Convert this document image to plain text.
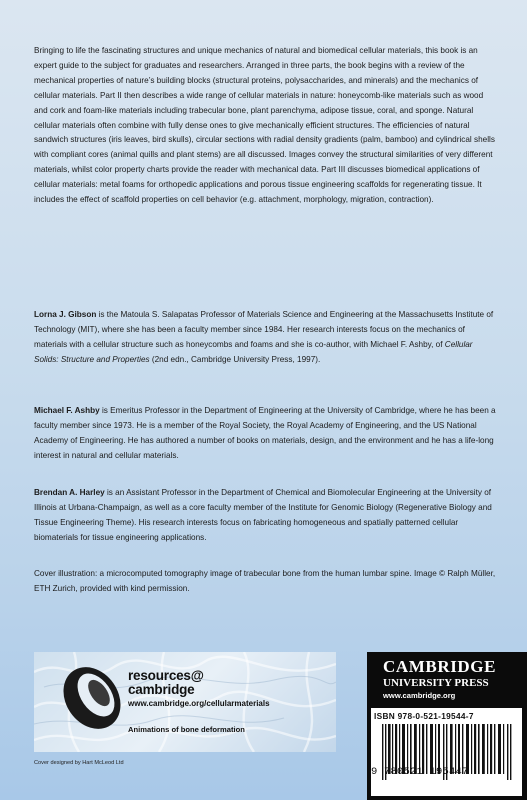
Bringing to life the fascinating structures and unique mechanics of natural and biomedical cellular materials, this book is an expert guide to the subject for graduates and researchers. Arranged in three parts, the book begins with a review of the mechanical properties of nature’s building blocks (structural proteins, polysaccharides, and minerals) and the mechanics of cellular materials. Part II then describes a wide range of cellular materials in nature: honeycomb-like materials such as wood and cork and foam-like materials including trabecular bone, plant parenchyma, adipose tissue, coral, and sponge. Natural cellular materials often combine with fully dense ones to give mechanically efficient structures. The efficiencies of natural sandwich structures (iris leaves, bird skulls), circular sections with radial density gradients (palm, bamboo) and cylindrical shells with compliant cores (animal quills and plant stems) are all discussed. Images convey the structural similarities of very different materials, whilst color property charts provide the reader with mechanical data. Part III discusses biomedical applications of cellular materials: metal foams for orthopedic applications and porous tissue engineering scaffolds for regenerating tissue. It includes the effect of scaffold properties on cell behavior (e.g. attachment, morphology, migration, contraction).

Lorna J. Gibson is the Matoula S. Salapatas Professor of Materials Science and Engineering at the Massachusetts Institute of Technology (MIT), where she has been a faculty member since 1984. Her research interests focus on the mechanics of materials with a cellular structure such as honeycombs and foams and she is co-author, with Michael F. Ashby, of Cellular Solids: Structure and Properties (2nd edn., Cambridge University Press, 1997).

Michael F. Ashby is Emeritus Professor in the Department of Engineering at the University of Cambridge, where he has been a faculty member since 1973. He is a member of the Royal Society, the Royal Academy of Engineering, and the US National Academy of Engineering. He has authored a number of books on materials, design, and the environment and he has a life-long interest in natural and cellular materials.

Brendan A. Harley is an Assistant Professor in the Department of Chemical and Biomolecular Engineering at the University of Illinois at Urbana-Champaign, as well as a core faculty member of the Institute for Genomic Biology (Regenerative Biology and Tissue Engineering Theme). His research interests focus on fabricating homogeneous and spatially patterned cellular biomaterials for tissue engineering applications.

Cover illustration: a microcomputed tomography image of trabecular bone from the human lumbar spine. Image © Ralph Müller, ETH Zurich, provided with kind permission.

resources@
cambridge
www.cambridge.org/cellularmaterials
Animations of bone deformation
CAMBRIDGE
UNIVERSITY PRESS
www.cambridge.org
ISBN 978-0-521-19544-7
9 780521 195447
Cover designed by Hart McLeod Ltd
